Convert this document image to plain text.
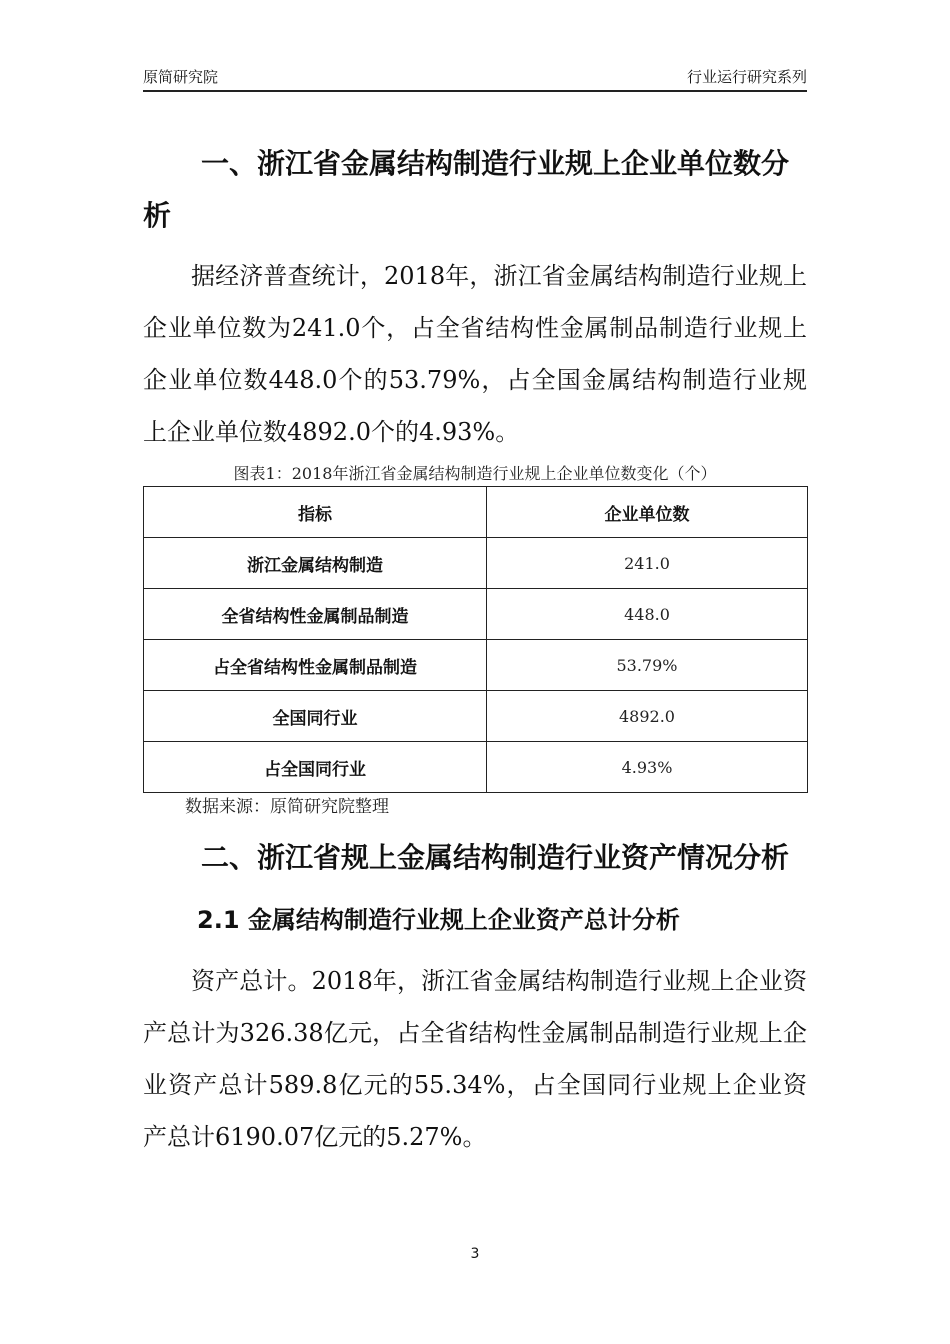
原简研究院	行业运行研究系列
一、浙江省金属结构制造行业规上企业单位数分析

据经济普查统计，2018年，浙江省金属结构制造行业规上企业单位数为241.0个，占全省结构性金属制品制造行业规上企业单位数448.0个的53.79%，占全国金属结构制造行业规上企业单位数4892.0个的4.93%。

图表1：2018年浙江省金属结构制造行业规上企业单位数变化（个）
指标	企业单位数
浙江金属结构制造	241.0
全省结构性金属制品制造	448.0
占全省结构性金属制品制造	53.79%
全国同行业	4892.0
占全国同行业	4.93%
数据来源：原简研究院整理
二、浙江省规上金属结构制造行业资产情况分析
2.1 金属结构制造行业规上企业资产总计分析

资产总计。2018年，浙江省金属结构制造行业规上企业资产总计为326.38亿元，占全省结构性金属制品制造行业规上企业资产总计589.8亿元的55.34%，占全国同行业规上企业资产总计6190.07亿元的5.27%。

3
